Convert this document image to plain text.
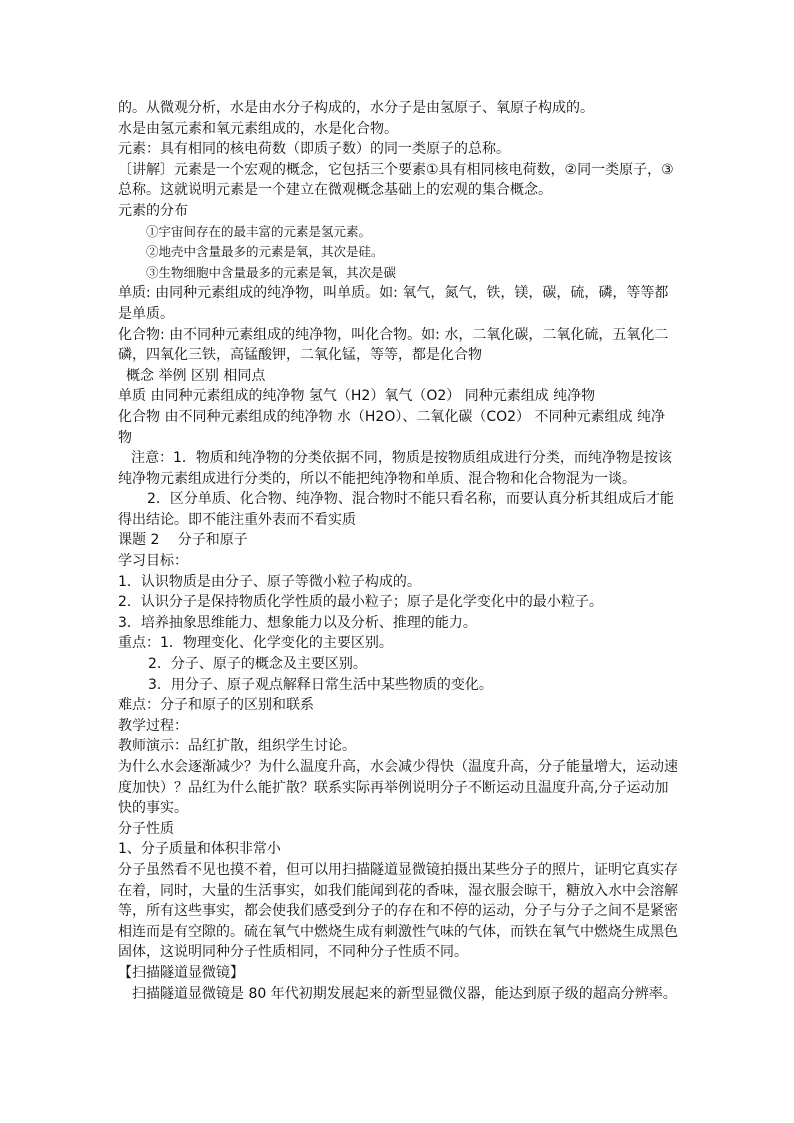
的。从微观分析，水是由水分子构成的，水分子是由氢原子、氧原子构成的。
水是由氢元素和氧元素组成的，水是化合物。
元素：具有相同的核电荷数（即质子数）的同一类原子的总称。
〔讲解〕元素是一个宏观的概念，它包括三个要素①具有相同核电荷数，②同一类原子，③
总称。这就说明元素是一个建立在微观概念基础上的宏观的集合概念。
元素的分布
①宇宙间存在的最丰富的元素是氢元素。
②地壳中含量最多的元素是氧，其次是硅。
③生物细胞中含量最多的元素是氧，其次是碳
单质: 由同种元素组成的纯净物，叫单质。如: 氧气，氮气，铁，镁，碳，硫，磷，等等都
是单质。
化合物: 由不同种元素组成的纯净物，叫化合物。如: 水，二氧化碳，二氧化硫，五氧化二
磷，四氧化三铁，高锰酸钾，二氧化锰，等等，都是化合物
概念 举例 区别 相同点
单质 由同种元素组成的纯净物 氢气（H2）氧气（O2） 同种元素组成 纯净物
化合物 由不同种元素组成的纯净物 水（H2O）、二氧化碳（CO2） 不同种元素组成 纯净
物
注意：1．物质和纯净物的分类依据不同，物质是按物质组成进行分类，而纯净物是按该
纯净物元素组成进行分类的，所以不能把纯净物和单质、混合物和化合物混为一谈。
2．区分单质、化合物、纯净物、混合物时不能只看名称，而要认真分析其组成后才能
得出结论。即不能注重外表而不看实质
课题 2　 分子和原子
学习目标：
1．认识物质是由分子、原子等微小粒子构成的。
2．认识分子是保持物质化学性质的最小粒子；原子是化学变化中的最小粒子。
3．培养抽象思维能力、想象能力以及分析、推理的能力。
重点：1．物理变化、化学变化的主要区别。
2．分子、原子的概念及主要区别。
3．用分子、原子观点解释日常生活中某些物质的变化。
难点：分子和原子的区别和联系
教学过程：
教师演示：品红扩散，组织学生讨论。
为什么水会逐渐减少？为什么温度升高，水会减少得快（温度升高，分子能量增大，运动速
度加快）？品红为什么能扩散？联系实际再举例说明分子不断运动且温度升高,分子运动加
快的事实。
分子性质
1、分子质量和体积非常小
分子虽然看不见也摸不着，但可以用扫描隧道显微镜拍摄出某些分子的照片，证明它真实存
在着，同时，大量的生活事实，如我们能闻到花的香味，湿衣服会晾干，糖放入水中会溶解
等，所有这些事实，都会使我们感受到分子的存在和不停的运动，分子与分子之间不是紧密
相连而是有空隙的。硫在氧气中燃烧生成有刺激性气味的气体，而铁在氧气中燃烧生成黑色
固体，这说明同种分子性质相同，不同种分子性质不同。
【扫描隧道显微镜】
扫描隧道显微镜是 80 年代初期发展起来的新型显微仪器，能达到原子级的超高分辨率。
